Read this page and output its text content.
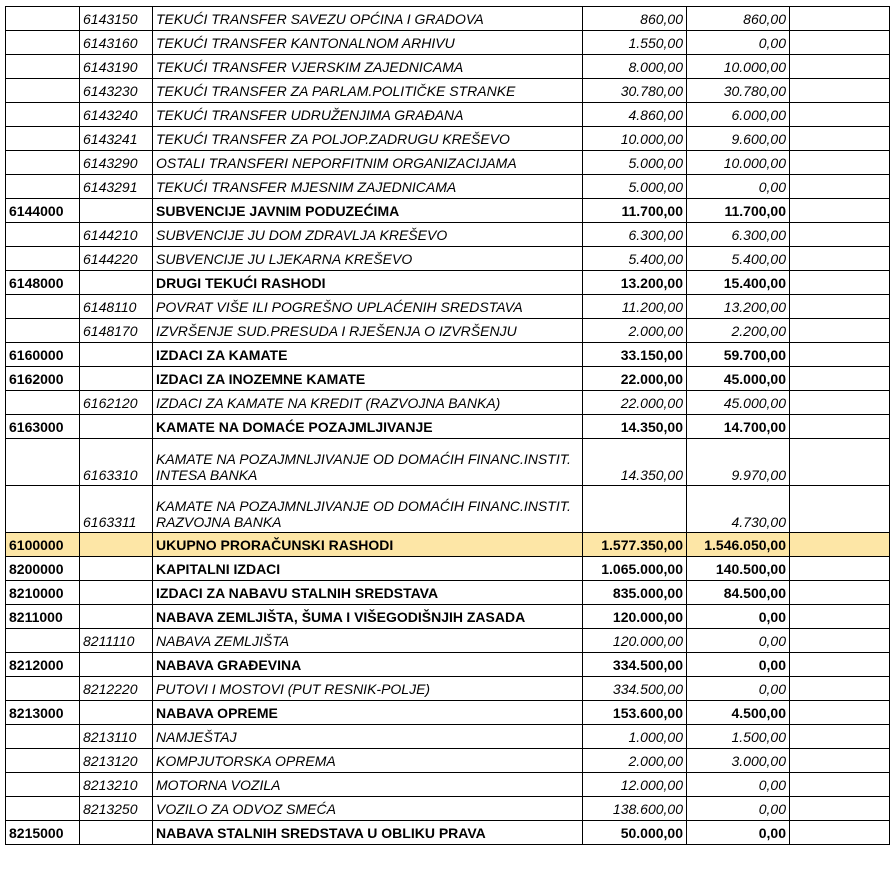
	6143150	TEKUĆI TRANSFER SAVEZU OPĆINA I GRADOVA	860,00	860,00	
	6143160	TEKUĆI TRANSFER KANTONALNOM ARHIVU	1.550,00	0,00	
	6143190	TEKUĆI TRANSFER VJERSKIM ZAJEDNICAMA	8.000,00	10.000,00	
	6143230	TEKUĆI TRANSFER ZA PARLAM.POLITIČKE STRANKE	30.780,00	30.780,00	
	6143240	TEKUĆI TRANSFER UDRUŽENJIMA GRAĐANA	4.860,00	6.000,00	
	6143241	TEKUĆI TRANSFER ZA POLJOP.ZADRUGU KREŠEVO	10.000,00	9.600,00	
	6143290	OSTALI TRANSFERI NEPORFITNIM ORGANIZACIJAMA	5.000,00	10.000,00	
	6143291	TEKUĆI TRANSFER MJESNIM ZAJEDNICAMA	5.000,00	0,00	
6144000		SUBVENCIJE JAVNIM PODUZEĆIMA	11.700,00	11.700,00	
	6144210	SUBVENCIJE JU DOM ZDRAVLJA KREŠEVO	6.300,00	6.300,00	
	6144220	SUBVENCIJE JU LJEKARNA KREŠEVO	5.400,00	5.400,00	
6148000		DRUGI TEKUĆI RASHODI	13.200,00	15.400,00	
	6148110	POVRAT VIŠE ILI POGREŠNO UPLAĆENIH SREDSTAVA	11.200,00	13.200,00	
	6148170	IZVRŠENJE SUD.PRESUDA I RJEŠENJA O IZVRŠENJU	2.000,00	2.200,00	
6160000		IZDACI ZA KAMATE	33.150,00	59.700,00	
6162000		IZDACI ZA INOZEMNE KAMATE	22.000,00	45.000,00	
	6162120	IZDACI ZA KAMATE NA KREDIT (RAZVOJNA BANKA)	22.000,00	45.000,00	
6163000		KAMATE NA DOMAĆE POZAJMLJIVANJE	14.350,00	14.700,00	
	6163310	KAMATE NA POZAJMNLJIVANJE OD DOMAĆIH FINANC.INSTIT. INTESA BANKA	14.350,00	9.970,00	
	6163311	KAMATE NA POZAJMNLJIVANJE OD DOMAĆIH FINANC.INSTIT. RAZVOJNA BANKA		4.730,00	
6100000		UKUPNO PRORAČUNSKI RASHODI	1.577.350,00	1.546.050,00	
8200000		KAPITALNI IZDACI	1.065.000,00	140.500,00	
8210000		IZDACI ZA NABAVU STALNIH SREDSTAVA	835.000,00	84.500,00	
8211000		NABAVA ZEMLJIŠTA, ŠUMA I VIŠEGODIŠNJIH ZASADA	120.000,00	0,00	
	8211110	NABAVA ZEMLJIŠTA	120.000,00	0,00	
8212000		NABAVA GRAĐEVINA	334.500,00	0,00	
	8212220	PUTOVI I MOSTOVI (PUT RESNIK-POLJE)	334.500,00	0,00	
8213000		NABAVA OPREME	153.600,00	4.500,00	
	8213110	NAMJEŠTAJ	1.000,00	1.500,00	
	8213120	KOMPJUTORSKA OPREMA	2.000,00	3.000,00	
	8213210	MOTORNA VOZILA	12.000,00	0,00	
	8213250	VOZILO ZA ODVOZ SMEĆA	138.600,00	0,00	
8215000		NABAVA STALNIH SREDSTAVA U OBLIKU PRAVA	50.000,00	0,00	
